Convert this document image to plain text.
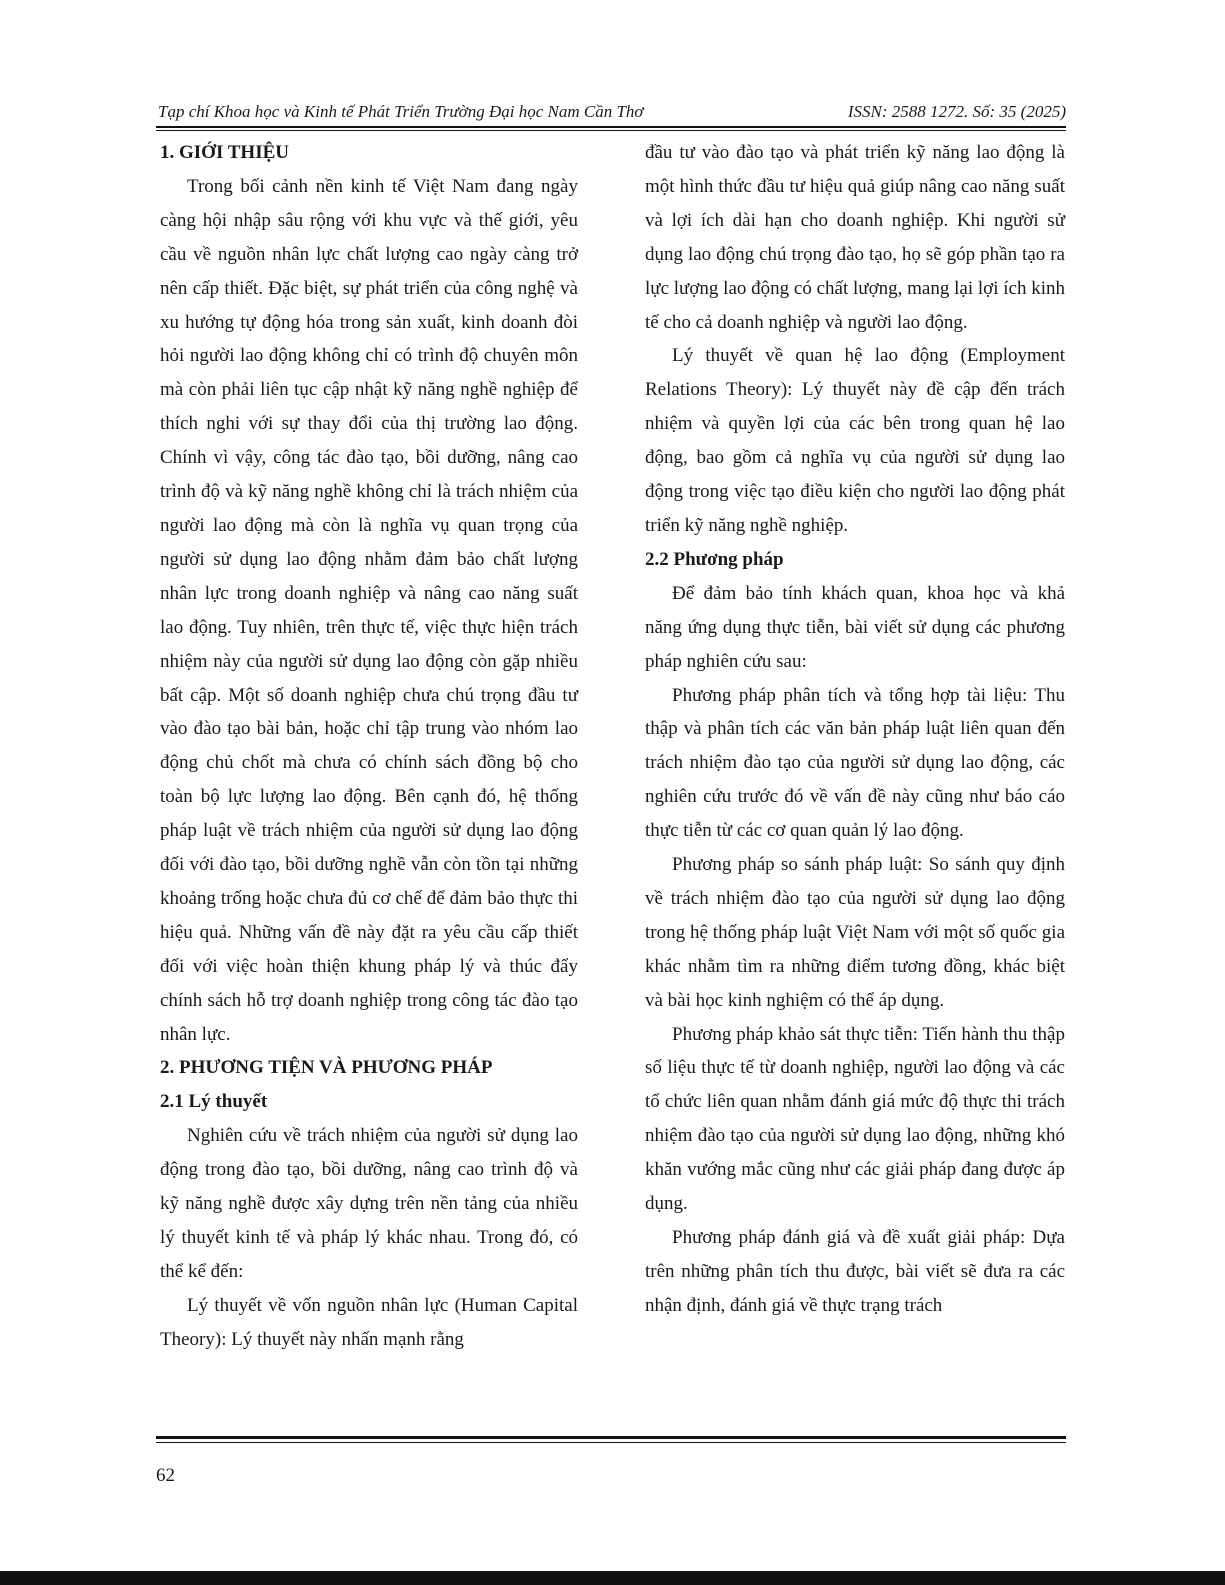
Tạp chí Khoa học và Kinh tế Phát Triển Trường Đại học Nam Cần Thơ	ISSN: 2588 1272. Số: 35 (2025)
1. GIỚI THIỆU

Trong bối cảnh nền kinh tế Việt Nam đang ngày càng hội nhập sâu rộng với khu vực và thế giới, yêu cầu về nguồn nhân lực chất lượng cao ngày càng trở nên cấp thiết. Đặc biệt, sự phát triển của công nghệ và xu hướng tự động hóa trong sản xuất, kinh doanh đòi hỏi người lao động không chỉ có trình độ chuyên môn mà còn phải liên tục cập nhật kỹ năng nghề nghiệp để thích nghi với sự thay đổi của thị trường lao động. Chính vì vậy, công tác đào tạo, bồi dưỡng, nâng cao trình độ và kỹ năng nghề không chỉ là trách nhiệm của người lao động mà còn là nghĩa vụ quan trọng của người sử dụng lao động nhằm đảm bảo chất lượng nhân lực trong doanh nghiệp và nâng cao năng suất lao động. Tuy nhiên, trên thực tế, việc thực hiện trách nhiệm này của người sử dụng lao động còn gặp nhiều bất cập. Một số doanh nghiệp chưa chú trọng đầu tư vào đào tạo bài bản, hoặc chỉ tập trung vào nhóm lao động chủ chốt mà chưa có chính sách đồng bộ cho toàn bộ lực lượng lao động. Bên cạnh đó, hệ thống pháp luật về trách nhiệm của người sử dụng lao động đối với đào tạo, bồi dưỡng nghề vẫn còn tồn tại những khoảng trống hoặc chưa đủ cơ chế để đảm bảo thực thi hiệu quả. Những vấn đề này đặt ra yêu cầu cấp thiết đối với việc hoàn thiện khung pháp lý và thúc đẩy chính sách hỗ trợ doanh nghiệp trong công tác đào tạo nhân lực.

2. PHƯƠNG TIỆN VÀ PHƯƠNG PHÁP
2.1 Lý thuyết

Nghiên cứu về trách nhiệm của người sử dụng lao động trong đào tạo, bồi dưỡng, nâng cao trình độ và kỹ năng nghề được xây dựng trên nền tảng của nhiều lý thuyết kinh tế và pháp lý khác nhau. Trong đó, có thể kể đến:

Lý thuyết về vốn nguồn nhân lực (Human Capital Theory): Lý thuyết này nhấn mạnh rằng

đầu tư vào đào tạo và phát triển kỹ năng lao động là một hình thức đầu tư hiệu quả giúp nâng cao năng suất và lợi ích dài hạn cho doanh nghiệp. Khi người sử dụng lao động chú trọng đào tạo, họ sẽ góp phần tạo ra lực lượng lao động có chất lượng, mang lại lợi ích kinh tế cho cả doanh nghiệp và người lao động.

Lý thuyết về quan hệ lao động (Employment Relations Theory): Lý thuyết này đề cập đến trách nhiệm và quyền lợi của các bên trong quan hệ lao động, bao gồm cả nghĩa vụ của người sử dụng lao động trong việc tạo điều kiện cho người lao động phát triển kỹ năng nghề nghiệp.

2.2 Phương pháp

Để đảm bảo tính khách quan, khoa học và khả năng ứng dụng thực tiễn, bài viết sử dụng các phương pháp nghiên cứu sau:

Phương pháp phân tích và tổng hợp tài liệu: Thu thập và phân tích các văn bản pháp luật liên quan đến trách nhiệm đào tạo của người sử dụng lao động, các nghiên cứu trước đó về vấn đề này cũng như báo cáo thực tiễn từ các cơ quan quản lý lao động.

Phương pháp so sánh pháp luật: So sánh quy định về trách nhiệm đào tạo của người sử dụng lao động trong hệ thống pháp luật Việt Nam với một số quốc gia khác nhằm tìm ra những điểm tương đồng, khác biệt và bài học kinh nghiệm có thể áp dụng.

Phương pháp khảo sát thực tiễn: Tiến hành thu thập số liệu thực tế từ doanh nghiệp, người lao động và các tổ chức liên quan nhằm đánh giá mức độ thực thi trách nhiệm đào tạo của người sử dụng lao động, những khó khăn vướng mắc cũng như các giải pháp đang được áp dụng.

Phương pháp đánh giá và đề xuất giải pháp: Dựa trên những phân tích thu được, bài viết sẽ đưa ra các nhận định, đánh giá về thực trạng trách

62
